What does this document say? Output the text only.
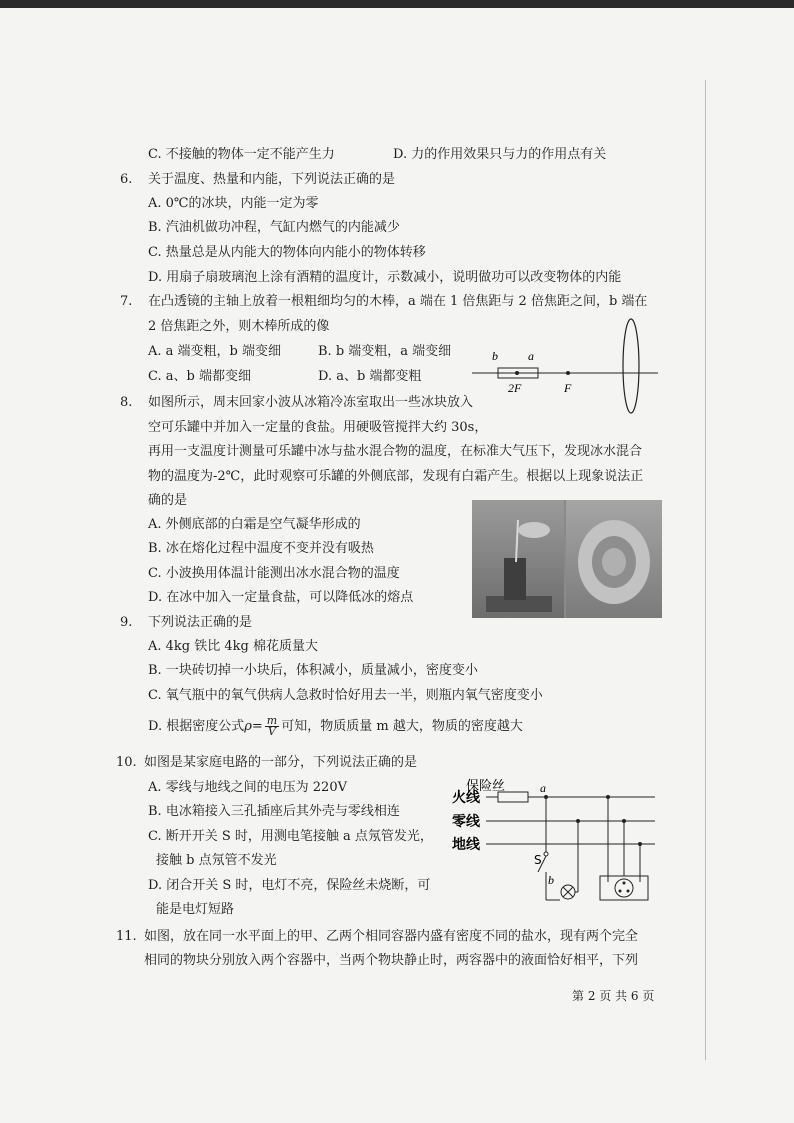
C. 不接触的物体一定不能产生力	D. 力的作用效果只与力的作用点有关
6. 关于温度、热量和内能，下列说法正确的是
A. 0℃的冰块，内能一定为零
B. 汽油机做功冲程，气缸内燃气的内能减少
C. 热量总是从内能大的物体向内能小的物体转移
D. 用扇子扇玻璃泡上涂有酒精的温度计，示数减小，说明做功可以改变物体的内能
7. 在凸透镜的主轴上放着一根粗细均匀的木棒，a 端在 1 倍焦距与 2 倍焦距之间，b 端在
2 倍焦距之外，则木棒所成的像
A. a 端变粗，b 端变细	B. b 端变粗，a 端变细
C. a、b 端都变细	D. a、b 端都变粗
b	a
2F	F
8. 如图所示，周末回家小波从冰箱冷冻室取出一些冰块放入
空可乐罐中并加入一定量的食盐。用硬吸管搅拌大约 30s，
再用一支温度计测量可乐罐中冰与盐水混合物的温度，在标准大气压下，发现冰水混合
物的温度为-2℃，此时观察可乐罐的外侧底部，发现有白霜产生。根据以上现象说法正
确的是
A. 外侧底部的白霜是空气凝华形成的
B. 冰在熔化过程中温度不变并没有吸热
C. 小波换用体温计能测出冰水混合物的温度
D. 在冰中加入一定量食盐，可以降低冰的熔点
9. 下列说法正确的是
A. 4kg 铁比 4kg 棉花质量大
B. 一块砖切掉一小块后，体积减小，质量减小，密度变小
C. 氧气瓶中的氧气供病人急救时恰好用去一半，则瓶内氧气密度变小
D. 根据密度公式$\rho= \frac{m}{V}$ 可知，物质质量 m 越大，物质的密度越大
10. 如图是某家庭电路的一部分，下列说法正确的是
A. 零线与地线之间的电压为 220V
B. 电冰箱接入三孔插座后其外壳与零线相连
C. 断开开关 S 时，用测电笔接触 a 点氖管发光，
接触 b 点氖管不发光
D. 闭合开关 S 时，电灯不亮，保险丝未烧断，可
能是电灯短路
火线
零线
地线
保险丝	a
S
b
11. 如图，放在同一水平面上的甲、乙两个相同容器内盛有密度不同的盐水，现有两个完全
相同的物块分别放入两个容器中，当两个物块静止时，两容器中的液面恰好相平，下列
第 2 页 共 6 页
